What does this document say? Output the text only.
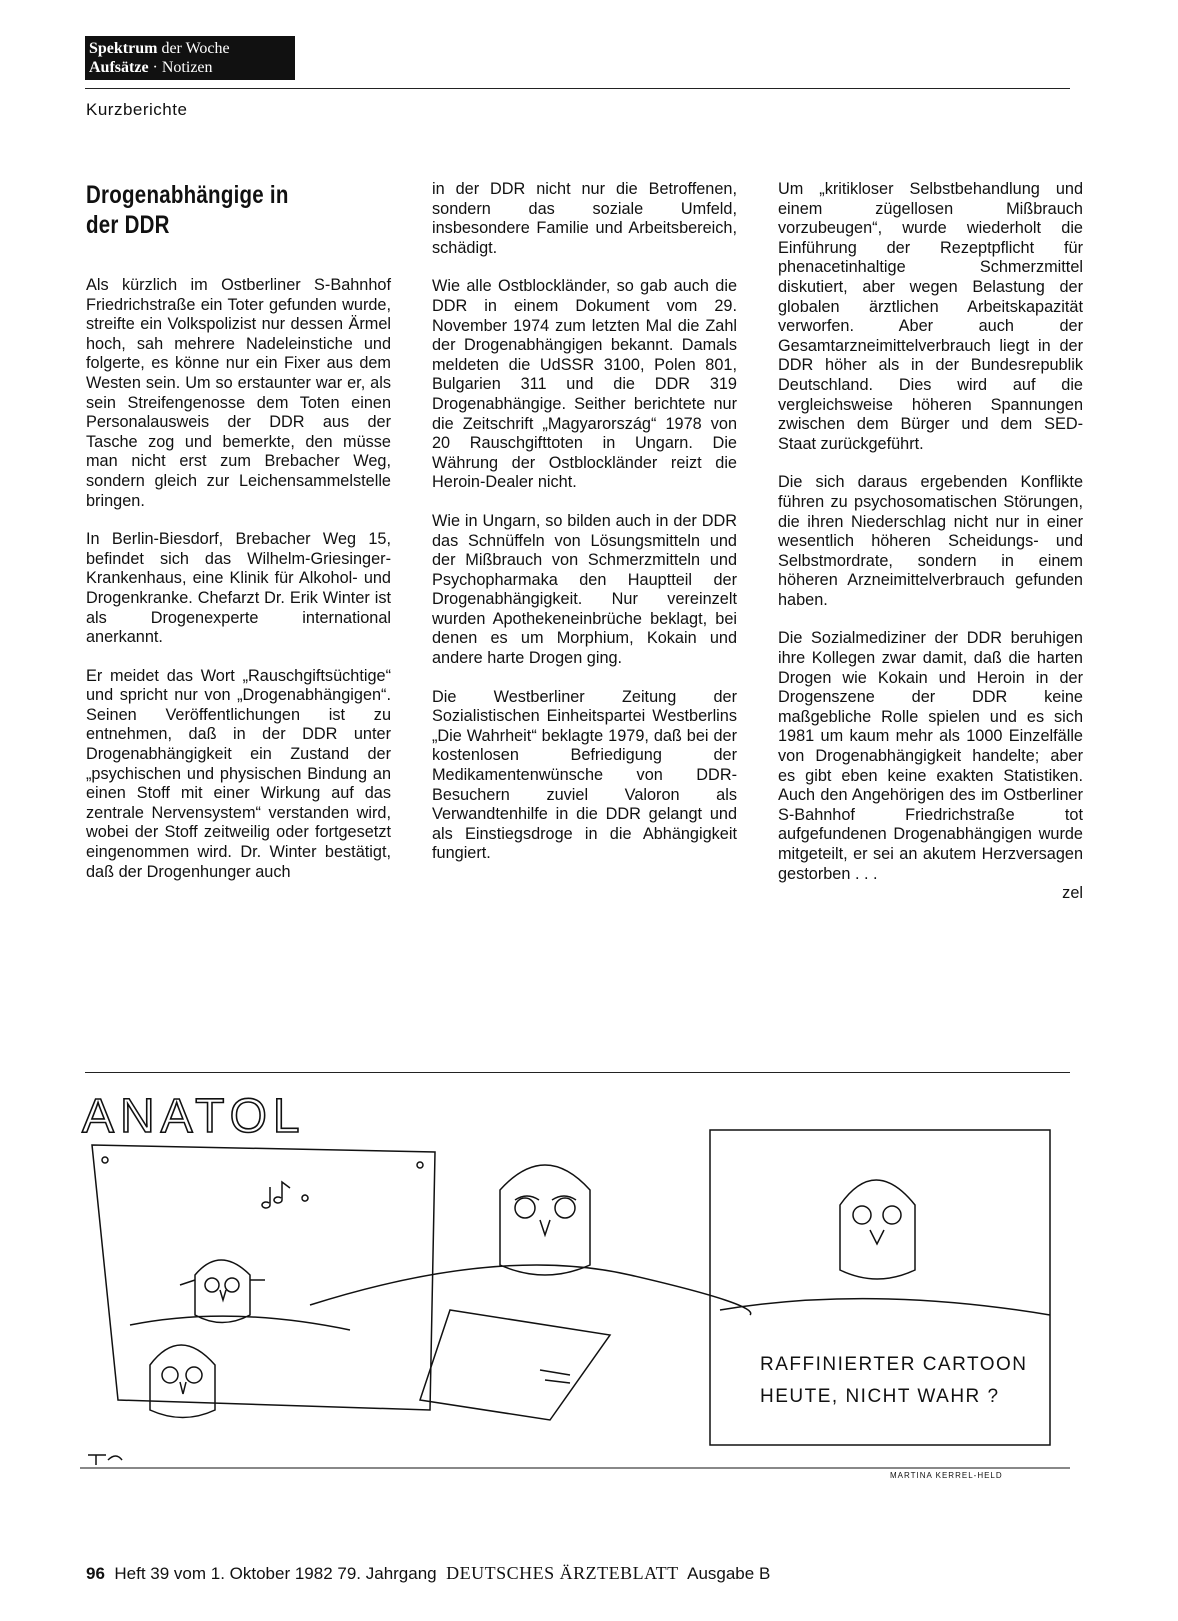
Spektrum der Woche
Aufsätze · Notizen
Kurzberichte
Drogenabhängige in
der DDR

Als kürzlich im Ostberliner S-Bahnhof Friedrichstraße ein Toter gefunden wurde, streifte ein Volkspolizist nur dessen Ärmel hoch, sah mehrere Nadeleinstiche und folgerte, es könne nur ein Fixer aus dem Westen sein. Um so erstaunter war er, als sein Streifengenosse dem Toten einen Personalausweis der DDR aus der Tasche zog und bemerkte, den müsse man nicht erst zum Brebacher Weg, sondern gleich zur Leichensammelstelle bringen.

In Berlin-Biesdorf, Brebacher Weg 15, befindet sich das Wilhelm-Griesinger-Krankenhaus, eine Klinik für Alkohol- und Drogenkranke. Chefarzt Dr. Erik Winter ist als Drogenexperte international anerkannt.

Er meidet das Wort „Rauschgiftsüchtige“ und spricht nur von „Drogenabhängigen“. Seinen Veröffentlichungen ist zu entnehmen, daß in der DDR unter Drogenabhängigkeit ein Zustand der „psychischen und physischen Bindung an einen Stoff mit einer Wirkung auf das zentrale Nervensystem“ verstanden wird, wobei der Stoff zeitweilig oder fortgesetzt eingenommen wird. Dr. Winter bestätigt, daß der Drogenhunger auch

in der DDR nicht nur die Betroffenen, sondern das soziale Umfeld, insbesondere Familie und Arbeitsbereich, schädigt.

Wie alle Ostblockländer, so gab auch die DDR in einem Dokument vom 29. November 1974 zum letzten Mal die Zahl der Drogenabhängigen bekannt. Damals meldeten die UdSSR 3100, Polen 801, Bulgarien 311 und die DDR 319 Drogenabhängige. Seither berichtete nur die Zeitschrift „Magyarország“ 1978 von 20 Rauschgifttoten in Ungarn. Die Währung der Ostblockländer reizt die Heroin-Dealer nicht.

Wie in Ungarn, so bilden auch in der DDR das Schnüffeln von Lösungsmitteln und der Mißbrauch von Schmerzmitteln und Psychopharmaka den Hauptteil der Drogenabhängigkeit. Nur vereinzelt wurden Apothekeneinbrüche beklagt, bei denen es um Morphium, Kokain und andere harte Drogen ging.

Die Westberliner Zeitung der Sozialistischen Einheitspartei Westberlins „Die Wahrheit“ beklagte 1979, daß bei der kostenlosen Befriedigung der Medikamentenwünsche von DDR-Besuchern zuviel Valoron als Verwandtenhilfe in die DDR gelangt und als Einstiegsdroge in die Abhängigkeit fungiert.

Um „kritikloser Selbstbehandlung und einem zügellosen Mißbrauch vorzubeugen“, wurde wiederholt die Einführung der Rezeptpflicht für phenacetinhaltige Schmerzmittel diskutiert, aber wegen Belastung der globalen ärztlichen Arbeitskapazität verworfen. Aber auch der Gesamtarzneimittelverbrauch liegt in der DDR höher als in der Bundesrepublik Deutschland. Dies wird auf die vergleichsweise höheren Spannungen zwischen dem Bürger und dem SED-Staat zurückgeführt.

Die sich daraus ergebenden Konflikte führen zu psychosomatischen Störungen, die ihren Niederschlag nicht nur in einer wesentlich höheren Scheidungs- und Selbstmordrate, sondern in einem höheren Arzneimittelverbrauch gefunden haben.

Die Sozialmediziner der DDR beruhigen ihre Kollegen zwar damit, daß die harten Drogen wie Kokain und Heroin in der Drogenszene der DDR keine maßgebliche Rolle spielen und es sich 1981 um kaum mehr als 1000 Einzelfälle von Drogenabhängigkeit handelte; aber es gibt eben keine exakten Statistiken. Auch den Angehörigen des im Ostberliner S-Bahnhof Friedrichstraße tot aufgefundenen Drogenabhängigen wurde mitgeteilt, er sei an akutem Herzversagen gestorben . . .

zel
ANATOL
RAFFINIERTER CARTOON
HEUTE, NICHT WAHR ?
MARTINA KERREL-HELD
96 Heft 39 vom 1. Oktober 1982 79. Jahrgang DEUTSCHES ÄRZTEBLATT Ausgabe B
